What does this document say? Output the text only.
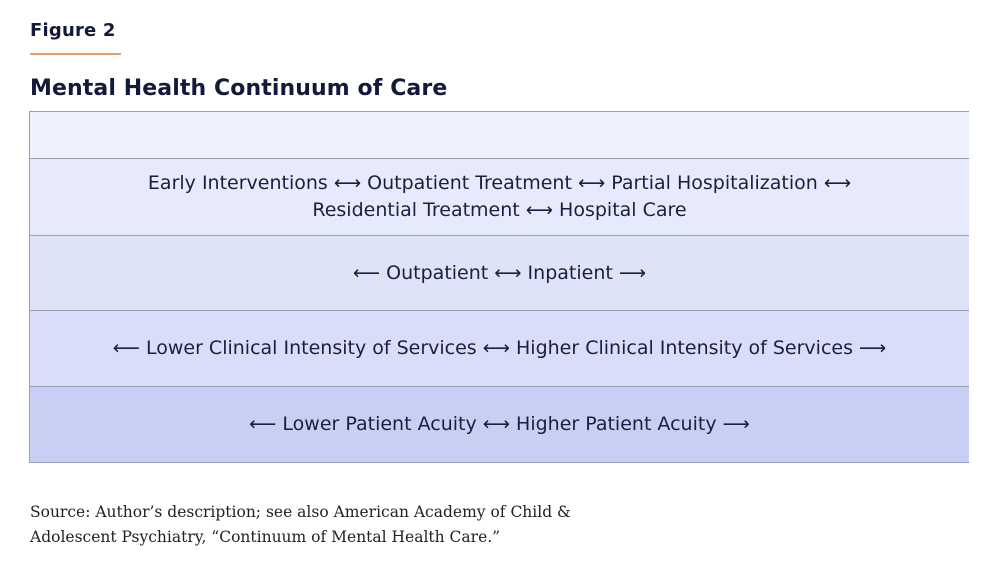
Figure 2
Mental Health Continuum of Care
Early Interventions ⟷ Outpatient Treatment ⟷ Partial Hospitalization ⟷
Residential Treatment ⟷ Hospital Care
⟵ Outpatient ⟷ Inpatient ⟶
⟵ Lower Clinical Intensity of Services ⟷ Higher Clinical Intensity of Services ⟶
⟵ Lower Patient Acuity ⟷ Higher Patient Acuity ⟶
Source: Author’s description; see also American Academy of Child &
Adolescent Psychiatry, “Continuum of Mental Health Care.”
